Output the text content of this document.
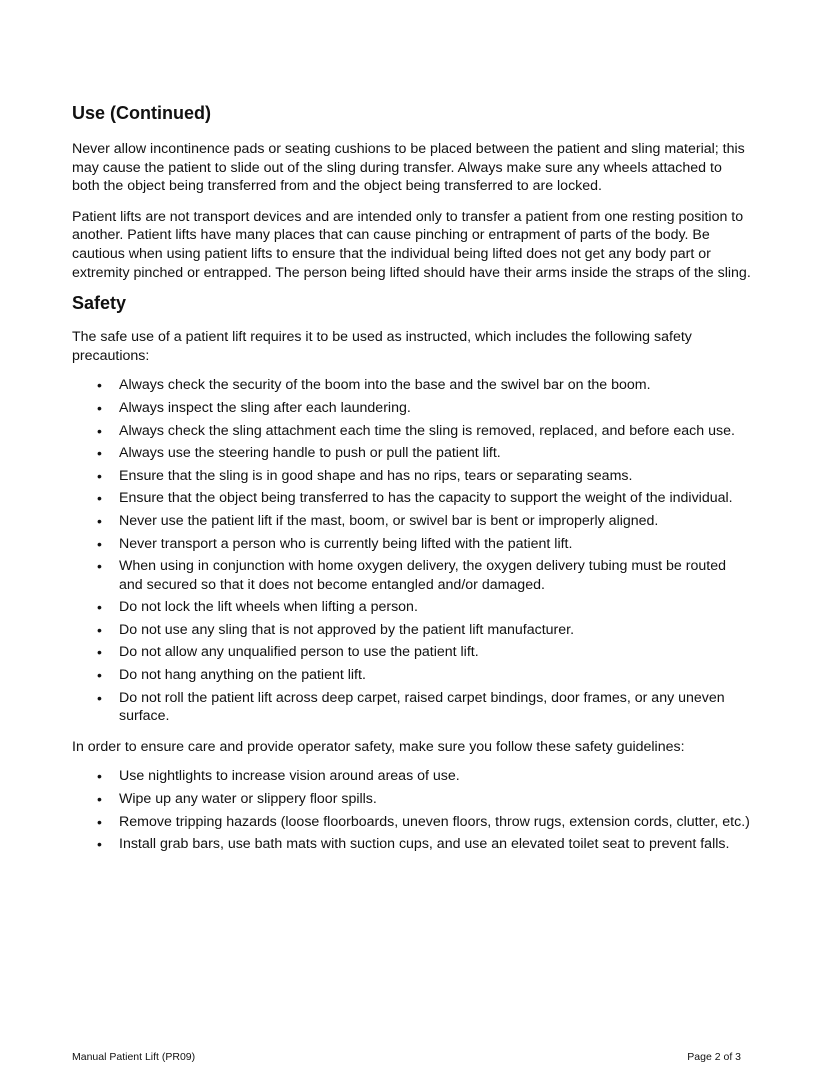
Use (Continued)

Never allow incontinence pads or seating cushions to be placed between the patient and sling material; this may cause the patient to slide out of the sling during transfer. Always make sure any wheels attached to both the object being transferred from and the object being transferred to are locked.

Patient lifts are not transport devices and are intended only to transfer a patient from one resting position to another. Patient lifts have many places that can cause pinching or entrapment of parts of the body. Be cautious when using patient lifts to ensure that the individual being lifted does not get any body part or extremity pinched or entrapped. The person being lifted should have their arms inside the straps of the sling.

Safety

The safe use of a patient lift requires it to be used as instructed, which includes the following safety precautions:

• Always check the security of the boom into the base and the swivel bar on the boom.
• Always inspect the sling after each laundering.
• Always check the sling attachment each time the sling is removed, replaced, and before each use.
• Always use the steering handle to push or pull the patient lift.
• Ensure that the sling is in good shape and has no rips, tears or separating seams.
• Ensure that the object being transferred to has the capacity to support the weight of the individual.
• Never use the patient lift if the mast, boom, or swivel bar is bent or improperly aligned.
• Never transport a person who is currently being lifted with the patient lift.
• When using in conjunction with home oxygen delivery, the oxygen delivery tubing must be routed and secured so that it does not become entangled and/or damaged.
• Do not lock the lift wheels when lifting a person.
• Do not use any sling that is not approved by the patient lift manufacturer.
• Do not allow any unqualified person to use the patient lift.
• Do not hang anything on the patient lift.
• Do not roll the patient lift across deep carpet, raised carpet bindings, door frames, or any uneven surface.

In order to ensure care and provide operator safety, make sure you follow these safety guidelines:

• Use nightlights to increase vision around areas of use.
• Wipe up any water or slippery floor spills.
• Remove tripping hazards (loose floorboards, uneven floors, throw rugs, extension cords, clutter, etc.)
• Install grab bars, use bath mats with suction cups, and use an elevated toilet seat to prevent falls.
Manual Patient Lift (PR09)	Page 2 of 3
